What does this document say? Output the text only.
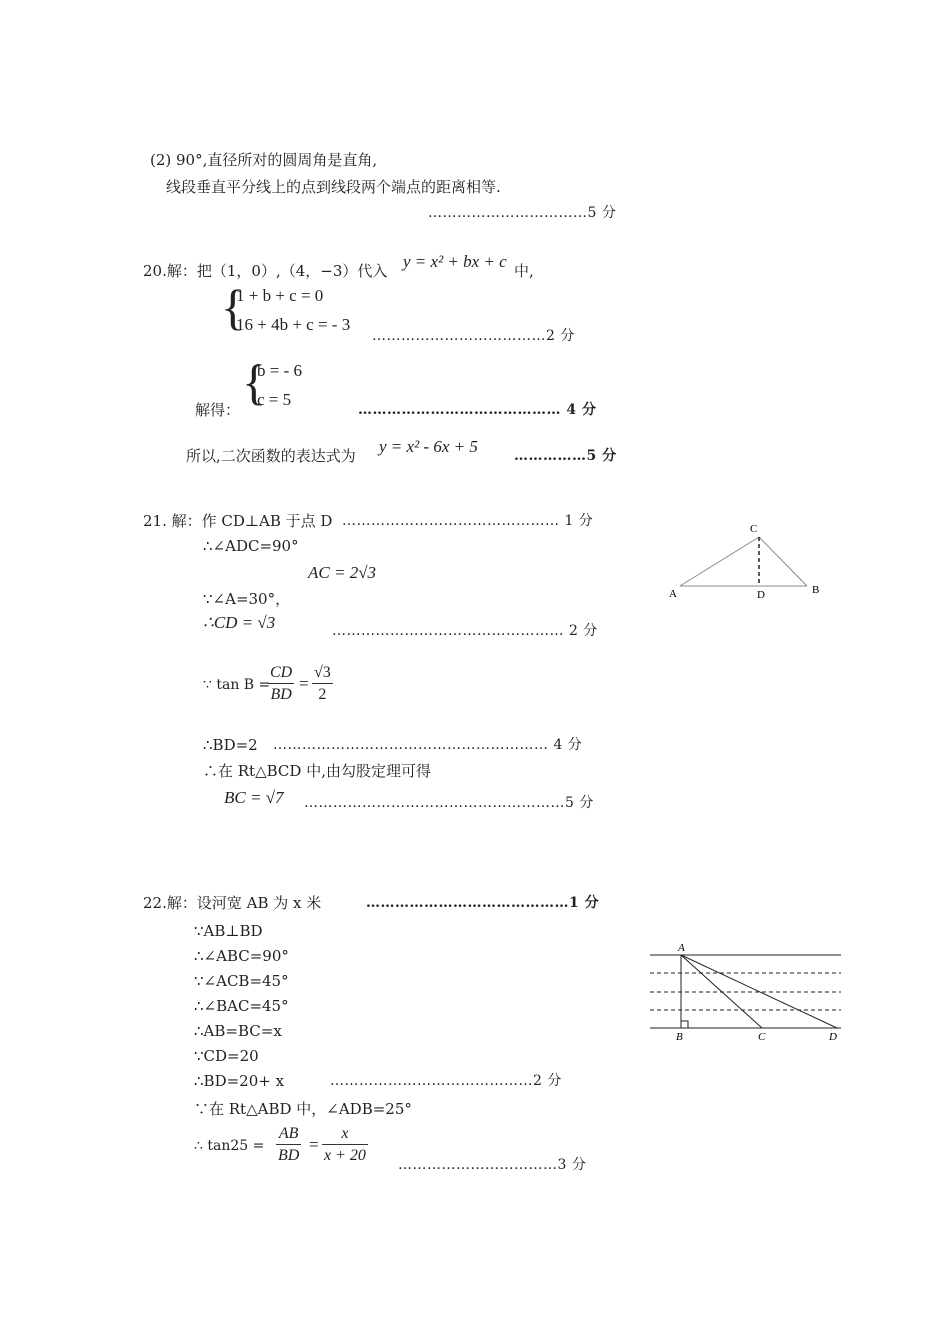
(2) 90°,直径所对的圆周角是直角,
线段垂直平分线上的点到线段两个端点的距离相等.
……………………………5 分
20.解：把（1，0）,（4，−3）代入 y = x² + bx + c 中,
{
1 + b + c = 0
16 + 4b + c = - 3
………………………………2 分
{
b = - 6
c = 5
解得：	…………………………………… 4 分
所以,二次函数的表达式为 y = x² - 6x + 5	……………5 分
21. 解：作 CD⊥AB 于点 D ……………………………………… 1 分
∴∠ADC=90°
AC = 2√3
∵∠A=30°，
∴CD = √3	………………………………………… 2 分
∵ tan B =
$\frac{CD}{BD} = \frac{√3}{2}$
∴BD=2 ………………………………………………… 4 分
∴在 Rt△BCD 中,由勾股定理可得
BC = √7 ………………………………………………5 分
C
A	D	B
22.解：设河宽 AB 为 x 米	……………………………………1 分
∵AB⊥BD
∴∠ABC=90°
∵∠ACB=45°
∴∠BAC=45°
∴AB=BC=x
∵CD=20
∴BD=20+ x	……………………………………2 分
∵在 Rt△ABD 中，∠ADB=25°
∴ $\tan 25 = \frac{AB}{BD} = \frac{x}{x + 20}$ ……………………………3 分
A
B	C	D
